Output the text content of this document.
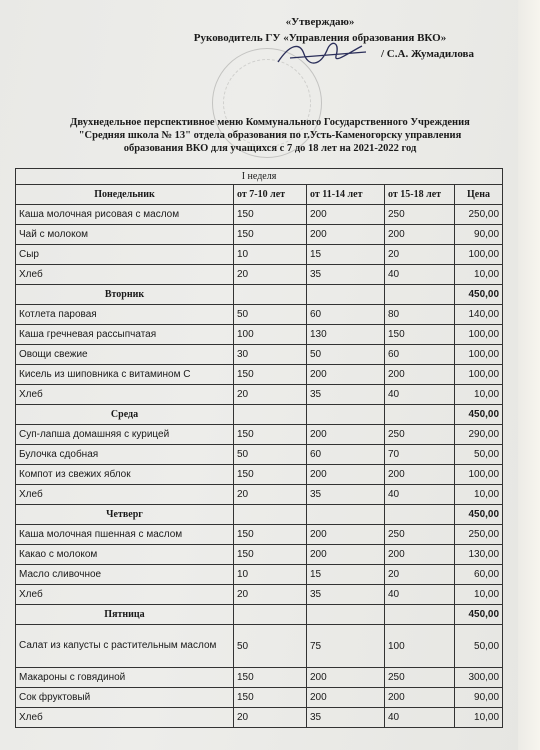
«Утверждаю»
Руководитель ГУ «Управления образования ВКО»
/ С.А. Жумадилова
Двухнедельное перспективное меню Коммунального Государственного Учреждения
"Средняя школа № 13" отдела образования по г.Усть-Каменогорску управления
образования ВКО для учащихся с 7 до 18 лет на 2021-2022 год
I неделя				
Понедельник	от 7-10 лет	от 11-14 лет	от 15-18 лет	Цена
Каша молочная рисовая с маслом	150	200	250	250,00
Чай с молоком	150	200	200	90,00
Сыр	10	15	20	100,00
Хлеб	20	35	40	10,00
Вторник				450,00
Котлета паровая	50	60	80	140,00
Каша гречневая рассыпчатая	100	130	150	100,00
Овощи свежие	30	50	60	100,00
Кисель из шиповника с витамином С	150	200	200	100,00
Хлеб	20	35	40	10,00
Среда				450,00
Суп-лапша домашняя с курицей	150	200	250	290,00
Булочка сдобная	50	60	70	50,00
Компот из свежих яблок	150	200	200	100,00
Хлеб	20	35	40	10,00
Четверг				450,00
Каша молочная пшенная с маслом	150	200	250	250,00
Какао с молоком	150	200	200	130,00
Масло сливочное	10	15	20	60,00
Хлеб	20	35	40	10,00
Пятница				450,00
Салат из капусты с растительным маслом	50	75	100	50,00
Макароны с говядиной	150	200	250	300,00
Сок фруктовый	150	200	200	90,00
Хлеб	20	35	40	10,00
